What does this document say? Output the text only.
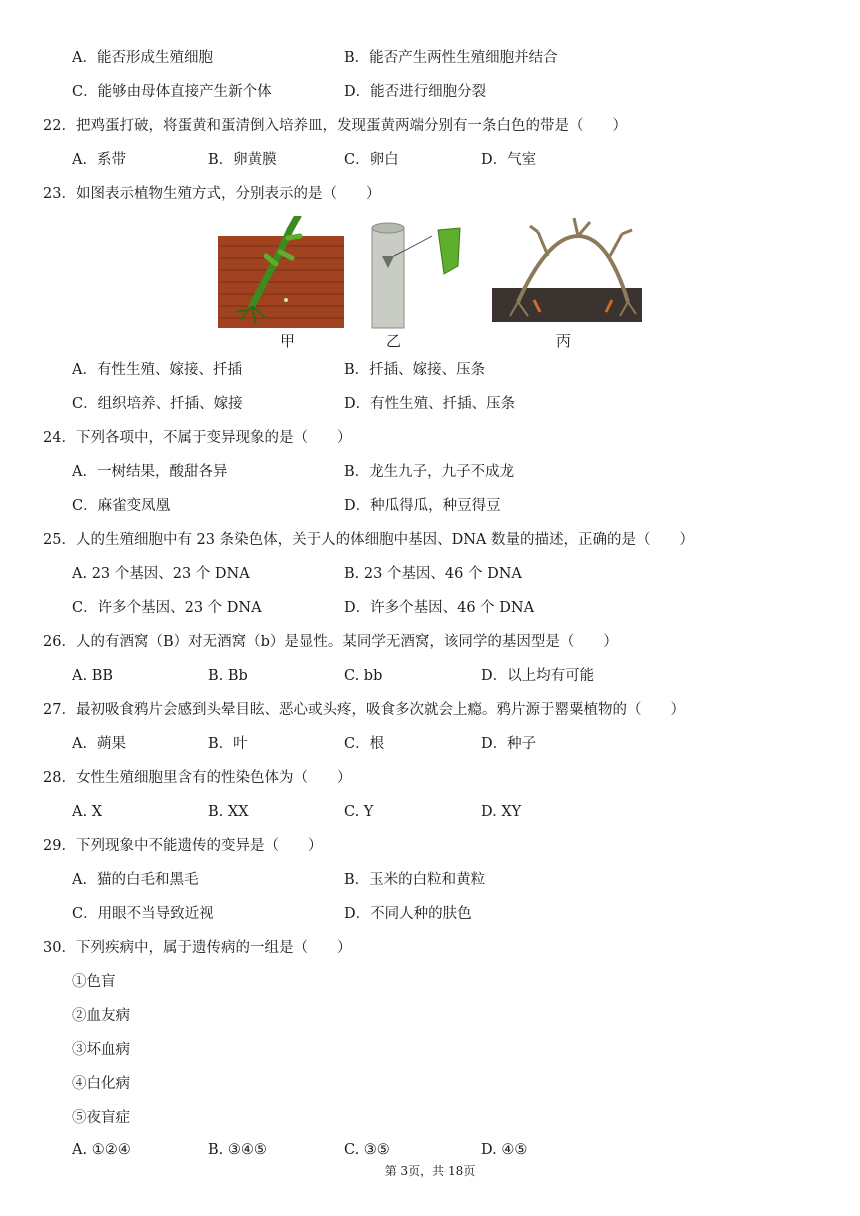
A．能否形成生殖细胞	B．能否产生两性生殖细胞并结合
C．能够由母体直接产生新个体	D．能否进行细胞分裂
22．把鸡蛋打破，将蛋黄和蛋清倒入培养皿，发现蛋黄两端分别有一条白色的带是（　　）
A．系带	B．卵黄膜	C．卵白	D．气室
23．如图表示植物生殖方式，分别表示的是（　　）
甲	乙	丙
A．有性生殖、嫁接、扦插	B．扦插、嫁接、压条
C．组织培养、扦插、嫁接	D．有性生殖、扦插、压条
24．下列各项中，不属于变异现象的是（　　）
A．一树结果，酸甜各异	B．龙生九子，九子不成龙
C．麻雀变凤凰	D．种瓜得瓜，种豆得豆
25．人的生殖细胞中有 23 条染色体，关于人的体细胞中基因、DNA 数量的描述，正确的是（　　）
A. 23 个基因、23 个 DNA	B. 23 个基因、46 个 DNA
C．许多个基因、23 个 DNA	D．许多个基因、46 个 DNA
26．人的有酒窝（B）对无酒窝（b）是显性。某同学无酒窝，该同学的基因型是（　　）
A. BB	B. Bb	C. bb	D．以上均有可能
27．最初吸食鸦片会感到头晕目眩、恶心或头疼，吸食多次就会上瘾。鸦片源于罂粟植物的（　　）
A．蒴果	B．叶	C．根	D．种子
28．女性生殖细胞里含有的性染色体为（　　）
A. X	B. XX	C. Y	D. XY
29．下列现象中不能遗传的变异是（　　）
A．猫的白毛和黑毛	B．玉米的白粒和黄粒
C．用眼不当导致近视	D．不同人种的肤色
30．下列疾病中，属于遗传病的一组是（　　）
①色盲
②血友病
③坏血病
④白化病
⑤夜盲症
A. ①②④	B. ③④⑤	C. ③⑤	D. ④⑤
第 3页，共 18页
